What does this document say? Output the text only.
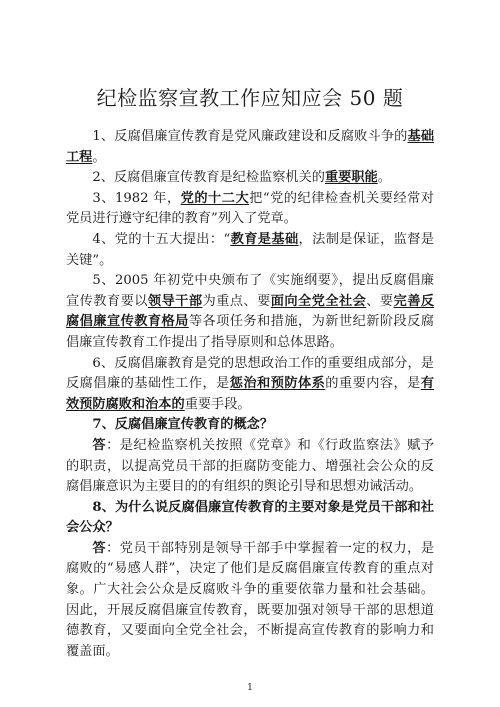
纪检监察宣教工作应知应会 50 题

1、反腐倡廉宣传教育是党风廉政建设和反腐败斗争的基础工程。

2、反腐倡廉宣传教育是纪检监察机关的重要职能。

3、1982 年，党的十二大把“党的纪律检查机关要经常对党员进行遵守纪律的教育”列入了党章。

4、党的十五大提出：“教育是基础，法制是保证，监督是关键”。

5、2005 年初党中央颁布了《实施纲要》，提出反腐倡廉宣传教育要以领导干部为重点、要面向全党全社会、要完善反腐倡廉宣传教育格局等各项任务和措施，为新世纪新阶段反腐倡廉宣传教育工作提出了指导原则和总体思路。

6、反腐倡廉教育是党的思想政治工作的重要组成部分，是反腐倡廉的基础性工作，是惩治和预防体系的重要内容，是有效预防腐败和治本的重要手段。

7、反腐倡廉宣传教育的概念？

答：是纪检监察机关按照《党章》和《行政监察法》赋予的职责，以提高党员干部的拒腐防变能力、增强社会公众的反腐倡廉意识为主要目的的有组织的舆论引导和思想劝诫活动。

8、为什么说反腐倡廉宣传教育的主要对象是党员干部和社会公众？

答：党员干部特别是领导干部手中掌握着一定的权力，是腐败的“易感人群”，决定了他们是反腐倡廉宣传教育的重点对象。广大社会公众是反腐败斗争的重要依靠力量和社会基础。因此，开展反腐倡廉宣传教育，既要加强对领导干部的思想道德教育，又要面向全党全社会，不断提高宣传教育的影响力和覆盖面。

1
